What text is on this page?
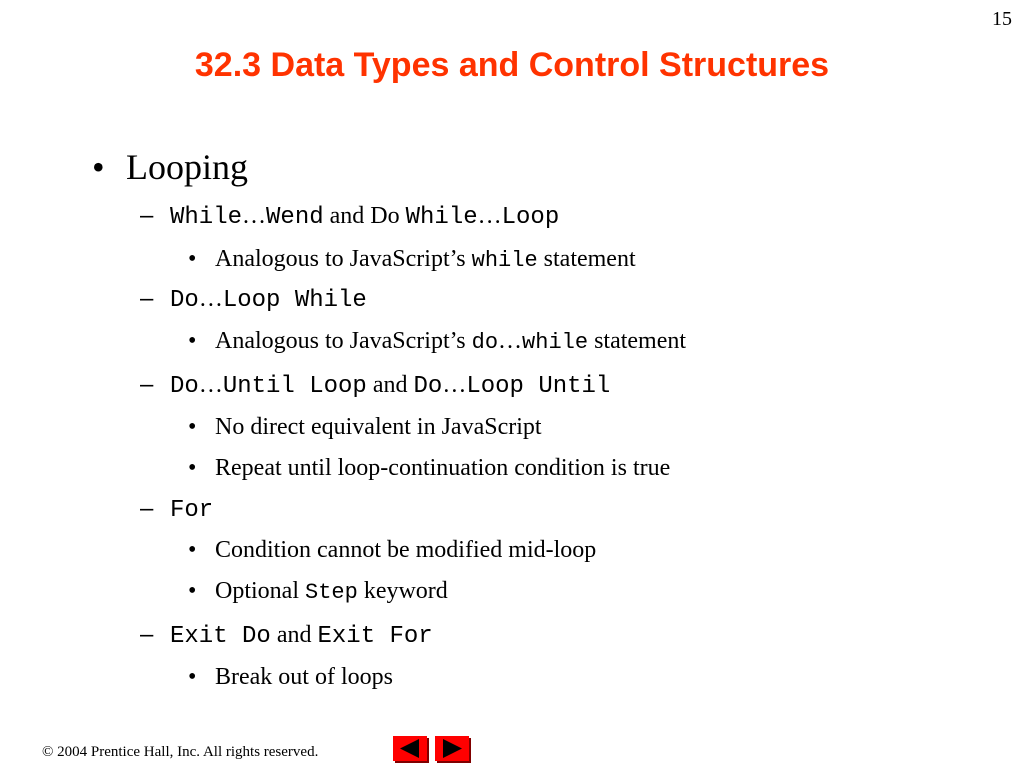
15
32.3 Data Types and Control Structures
• Looping
– While…Wend and Do While…Loop
• Analogous to JavaScript’s while statement
– Do…Loop While
• Analogous to JavaScript’s do…while statement
– Do…Until Loop and Do…Loop Until
• No direct equivalent in JavaScript
• Repeat until loop-continuation condition is true
– For
• Condition cannot be modified mid-loop
• Optional Step keyword
– Exit Do and Exit For
• Break out of loops
© 2004 Prentice Hall, Inc. All rights reserved.
